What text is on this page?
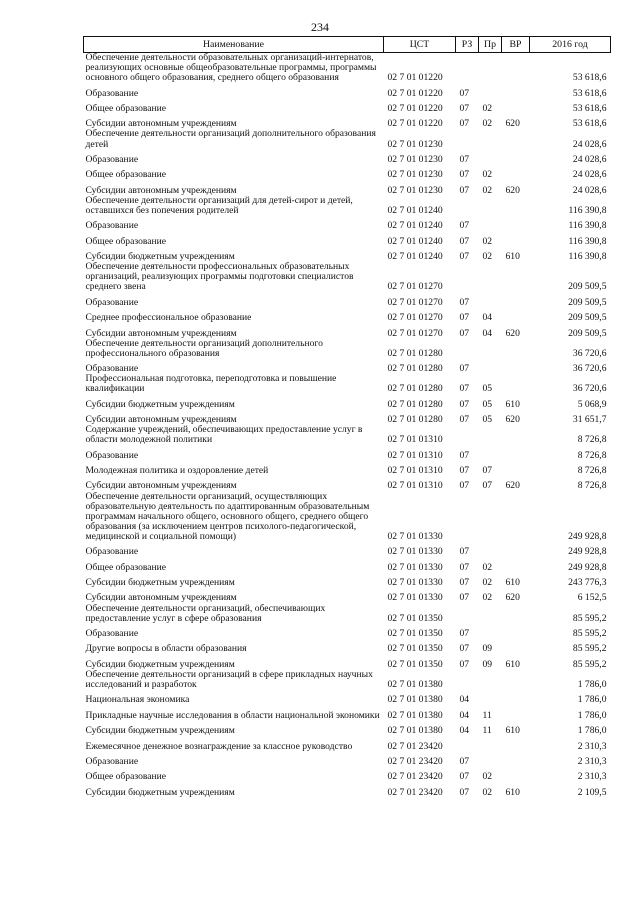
234
Наименование	ЦСТ	РЗ	Пр	ВР	2016 год
Обеспечение деятельности образовательных организаций-интернатов, реализующих основные общеобразовательные программы, программы основного общего образования, среднего общего образования	02 7 01 01220				53 618,6
Образование	02 7 01 01220	07			53 618,6
Общее образование	02 7 01 01220	07	02		53 618,6
Субсидии автономным учреждениям	02 7 01 01220	07	02	620	53 618,6
Обеспечение деятельности организаций дополнительного образования детей	02 7 01 01230				24 028,6
Образование	02 7 01 01230	07			24 028,6
Общее образование	02 7 01 01230	07	02		24 028,6
Субсидии автономным учреждениям	02 7 01 01230	07	02	620	24 028,6
Обеспечение деятельности организаций для детей-сирот и детей, оставшихся без попечения родителей	02 7 01 01240				116 390,8
Образование	02 7 01 01240	07			116 390,8
Общее образование	02 7 01 01240	07	02		116 390,8
Субсидии бюджетным учреждениям	02 7 01 01240	07	02	610	116 390,8
Обеспечение деятельности профессиональных образовательных организаций, реализующих программы подготовки специалистов среднего звена	02 7 01 01270				209 509,5
Образование	02 7 01 01270	07			209 509,5
Среднее профессиональное образование	02 7 01 01270	07	04		209 509,5
Субсидии автономным учреждениям	02 7 01 01270	07	04	620	209 509,5
Обеспечение деятельности организаций дополнительного профессионального образования	02 7 01 01280				36 720,6
Образование	02 7 01 01280	07			36 720,6
Профессиональная подготовка, переподготовка и повышение квалификации	02 7 01 01280	07	05		36 720,6
Субсидии бюджетным учреждениям	02 7 01 01280	07	05	610	5 068,9
Субсидии автономным учреждениям	02 7 01 01280	07	05	620	31 651,7
Содержание учреждений, обеспечивающих предоставление услуг в области молодежной политики	02 7 01 01310				8 726,8
Образование	02 7 01 01310	07			8 726,8
Молодежная политика и оздоровление детей	02 7 01 01310	07	07		8 726,8
Субсидии автономным учреждениям	02 7 01 01310	07	07	620	8 726,8
Обеспечение деятельности организаций, осуществляющих образовательную деятельность по адаптированным образовательным программам начального общего, основного общего, среднего общего образования (за исключением центров психолого-педагогической, медицинской и социальной помощи)	02 7 01 01330				249 928,8
Образование	02 7 01 01330	07			249 928,8
Общее образование	02 7 01 01330	07	02		249 928,8
Субсидии бюджетным учреждениям	02 7 01 01330	07	02	610	243 776,3
Субсидии автономным учреждениям	02 7 01 01330	07	02	620	6 152,5
Обеспечение деятельности организаций, обеспечивающих предоставление услуг в сфере образования	02 7 01 01350				85 595,2
Образование	02 7 01 01350	07			85 595,2
Другие вопросы в области образования	02 7 01 01350	07	09		85 595,2
Субсидии бюджетным учреждениям	02 7 01 01350	07	09	610	85 595,2
Обеспечение деятельности организаций в сфере прикладных научных исследований и разработок	02 7 01 01380				1 786,0
Национальная экономика	02 7 01 01380	04			1 786,0
Прикладные научные исследования в области национальной экономики	02 7 01 01380	04	11		1 786,0
Субсидии бюджетным учреждениям	02 7 01 01380	04	11	610	1 786,0
Ежемесячное денежное вознаграждение за классное руководство	02 7 01 23420				2 310,3
Образование	02 7 01 23420	07			2 310,3
Общее образование	02 7 01 23420	07	02		2 310,3
Субсидии бюджетным учреждениям	02 7 01 23420	07	02	610	2 109,5
